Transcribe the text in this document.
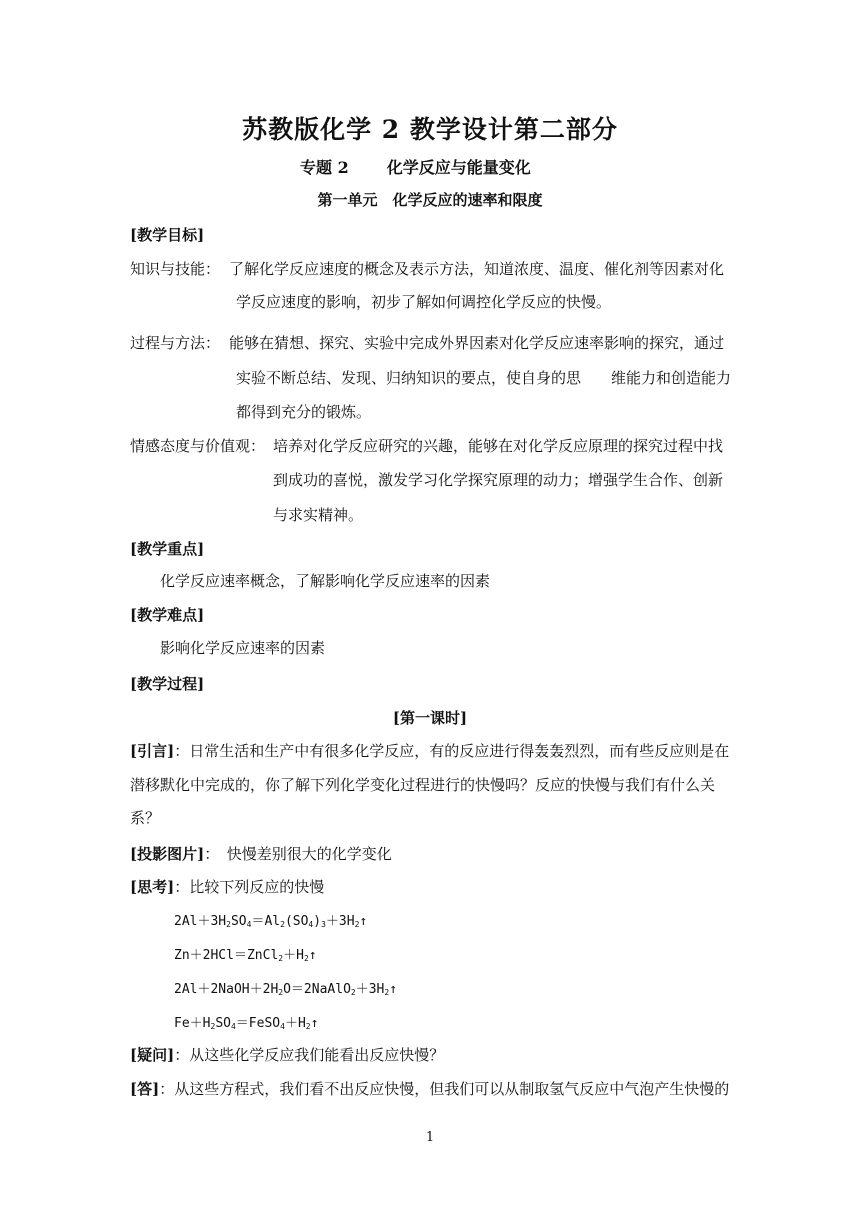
苏教版化学 2 教学设计第二部分
专题 2 化学反应与能量变化
第一单元　化学反应的速率和限度
[教学目标]
知识与技能： 了解化学反应速度的概念及表示方法，知道浓度、温度、催化剂等因素对化
学反应速度的影响，初步了解如何调控化学反应的快慢。
过程与方法： 能够在猜想、探究、实验中完成外界因素对化学反应速率影响的探究，通过
实验不断总结、发现、归纳知识的要点，使自身的思　　维能力和创造能力
都得到充分的锻炼。
情感态度与价值观： 培养对化学反应研究的兴趣，能够在对化学反应原理的探究过程中找
到成功的喜悦，激发学习化学探究原理的动力；增强学生合作、创新
与求实精神。
[教学重点]
化学反应速率概念，了解影响化学反应速率的因素
[教学难点]
影响化学反应速率的因素
[教学过程]
[第一课时]
[引言]：日常生活和生产中有很多化学反应，有的反应进行得轰轰烈烈，而有些反应则是在
潜移默化中完成的，你了解下列化学变化过程进行的快慢吗？反应的快慢与我们有什么关
系？
[投影图片]：　快慢差别很大的化学变化
[思考]：比较下列反应的快慢
$2Al+3H_2SO_4=Al_2(SO_4)_3+3H_2↑$
$Zn+2HCl=ZnCl_2+H_2↑$
$2Al+2NaOH+2H_2O=2NaAlO_2+3H_2↑$
$Fe+H_2SO_4=FeSO_4+H_2↑$
[疑问]：从这些化学反应我们能看出反应快慢？
[答]：从这些方程式，我们看不出反应快慢，但我们可以从制取氢气反应中气泡产生快慢的
1
